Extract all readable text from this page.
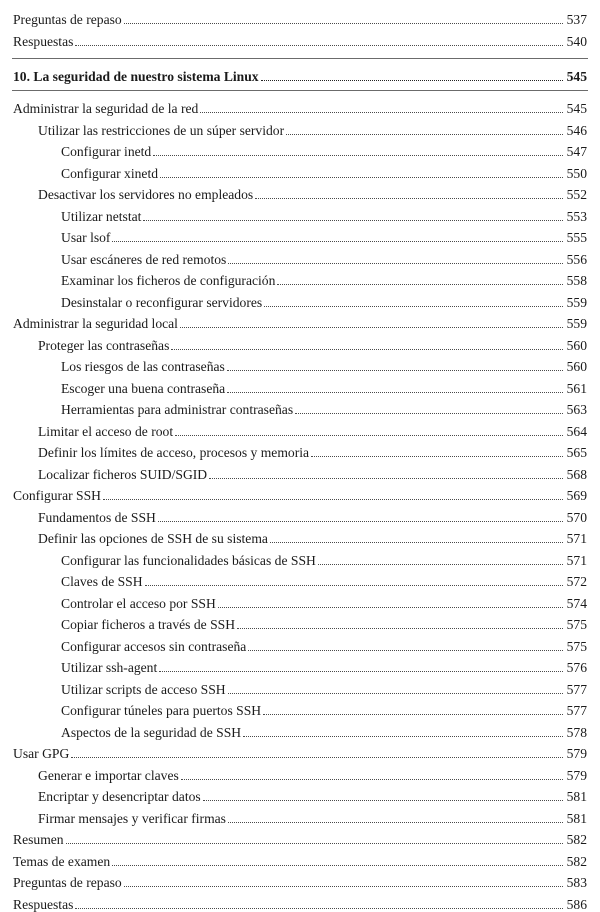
Preguntas de repaso	537
Respuestas	540
10. La seguridad de nuestro sistema Linux	545
Administrar la seguridad de la red	545
Utilizar las restricciones de un súper servidor	546
Configurar inetd	547
Configurar xinetd	550
Desactivar los servidores no empleados	552
Utilizar netstat	553
Usar lsof	555
Usar escáneres de red remotos	556
Examinar los ficheros de configuración	558
Desinstalar o reconfigurar servidores	559
Administrar la seguridad local	559
Proteger las contraseñas	560
Los riesgos de las contraseñas	560
Escoger una buena contraseña	561
Herramientas para administrar contraseñas	563
Limitar el acceso de root	564
Definir los límites de acceso, procesos y memoria	565
Localizar ficheros SUID/SGID	568
Configurar SSH	569
Fundamentos de SSH	570
Definir las opciones de SSH de su sistema	571
Configurar las funcionalidades básicas de SSH	571
Claves de SSH	572
Controlar el acceso por SSH	574
Copiar ficheros a través de SSH	575
Configurar accesos sin contraseña	575
Utilizar ssh-agent	576
Utilizar scripts de acceso SSH	577
Configurar túneles para puertos SSH	577
Aspectos de la seguridad de SSH	578
Usar GPG	579
Generar e importar claves	579
Encriptar y desencriptar datos	581
Firmar mensajes y verificar firmas	581
Resumen	582
Temas de examen	582
Preguntas de repaso	583
Respuestas	586
